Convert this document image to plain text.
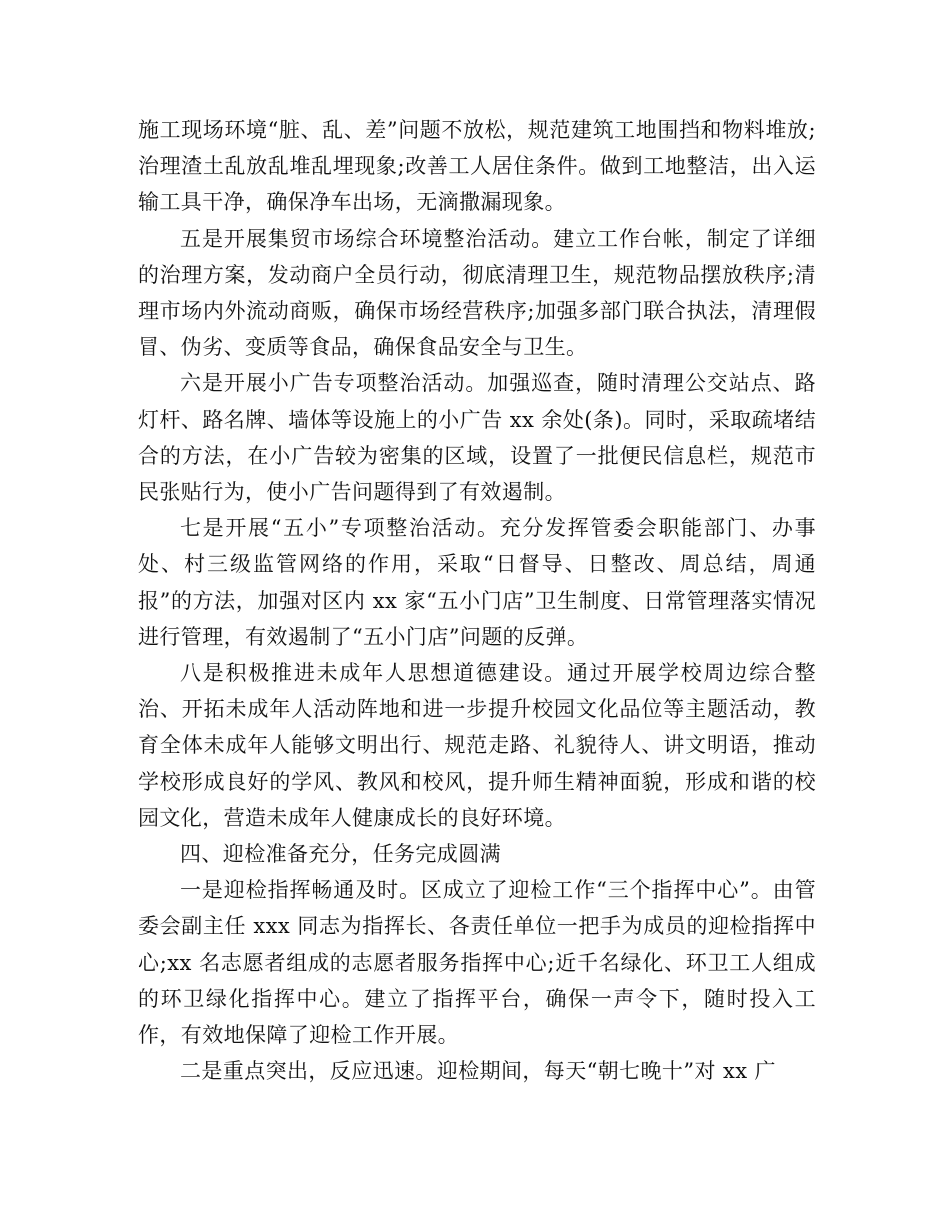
施工现场环境“脏、乱、差”问题不放松，规范建筑工地围挡和物料堆放;治理渣土乱放乱堆乱埋现象;改善工人居住条件。做到工地整洁，出入运输工具干净，确保净车出场，无滴撒漏现象。

五是开展集贸市场综合环境整治活动。建立工作台帐，制定了详细的治理方案，发动商户全员行动，彻底清理卫生，规范物品摆放秩序;清理市场内外流动商贩，确保市场经营秩序;加强多部门联合执法，清理假冒、伪劣、变质等食品，确保食品安全与卫生。

六是开展小广告专项整治活动。加强巡查，随时清理公交站点、路灯杆、路名牌、墙体等设施上的小广告 xx 余处(条)。同时，采取疏堵结合的方法，在小广告较为密集的区域，设置了一批便民信息栏，规范市民张贴行为，使小广告问题得到了有效遏制。

七是开展“五小”专项整治活动。充分发挥管委会职能部门、办事处、村三级监管网络的作用，采取“日督导、日整改、周总结，周通报”的方法，加强对区内 xx 家“五小门店”卫生制度、日常管理落实情况进行管理，有效遏制了“五小门店”问题的反弹。

八是积极推进未成年人思想道德建设。通过开展学校周边综合整治、开拓未成年人活动阵地和进一步提升校园文化品位等主题活动，教育全体未成年人能够文明出行、规范走路、礼貌待人、讲文明语，推动学校形成良好的学风、教风和校风，提升师生精神面貌，形成和谐的校园文化，营造未成年人健康成长的良好环境。

四、迎检准备充分，任务完成圆满

一是迎检指挥畅通及时。区成立了迎检工作“三个指挥中心”。由管委会副主任 xxx 同志为指挥长、各责任单位一把手为成员的迎检指挥中心;xx 名志愿者组成的志愿者服务指挥中心;近千名绿化、环卫工人组成的环卫绿化指挥中心。建立了指挥平台，确保一声令下，随时投入工作，有效地保障了迎检工作开展。

二是重点突出，反应迅速。迎检期间，每天“朝七晚十”对 xx 广
